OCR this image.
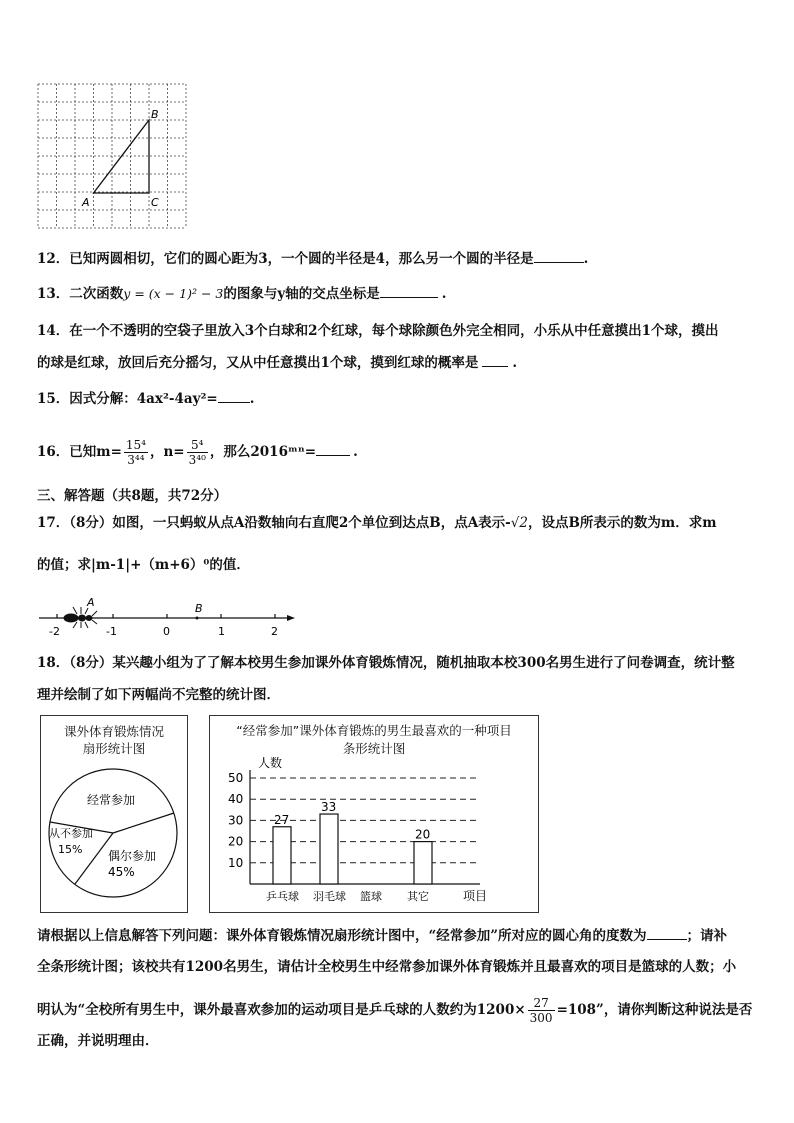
A
B
C
12．已知两圆相切，它们的圆心距为3，一个圆的半径是4，那么另一个圆的半径是	.
13．二次函数y = (x − 1)² − 3的图象与y轴的交点坐标是	.
14．在一个不透明的空袋子里放入3个白球和2个红球，每个球除颜色外完全相同，小乐从中任意摸出1个球，摸出
的球是红球，放回后充分摇匀，又从中任意摸出1个球，摸到红球的概率是	.
15．因式分解：4ax²-4ay²= .
16．已知$m= \frac{\text{15⁴}}{\text{3⁴⁴}}$ ，$n= \frac{\text{5⁴}}{\text{3⁴⁰}}$ ，那么2016ᵐⁿ=	.
三、解答题（共8题，共72分）
17．（8分）如图，一只蚂蚁从点A沿数轴向右直爬2个单位到达点B，点A表示-√2，设点B所表示的数为m．求m
的值；求|m-1|+（m+6）⁰的值．
-2	-1	0	1	2
A	B
18．（8分）某兴趣小组为了了解本校男生参加课外体育锻炼情况，随机抽取本校300名男生进行了问卷调查，统计整
理并绘制了如下两幅尚不完整的统计图．
课外体育锻炼情况
扇形统计图
经常参加
从不参加
15% 偶尔参加
45%
“经常参加”课外体育锻炼的男生最喜欢的一种项目
条形统计图
人数
项目
10
20
30
40
50
27
乒乓球
33
羽毛球 篮球
20
其它
请根据以上信息解答下列问题：课外体育锻炼情况扇形统计图中，“经常参加”所对应的圆心角的度数为	；请补
全条形统计图；该校共有1200名男生，请估计全校男生中经常参加课外体育锻炼并且最喜欢的项目是篮球的人数；小
明认为“全校所有男生中，课外最喜欢参加的运动项目是乒乓球的人数约为$1200\times \frac{27}{300} =108$”，请你判断这种说法是否
正确，并说明理由．
